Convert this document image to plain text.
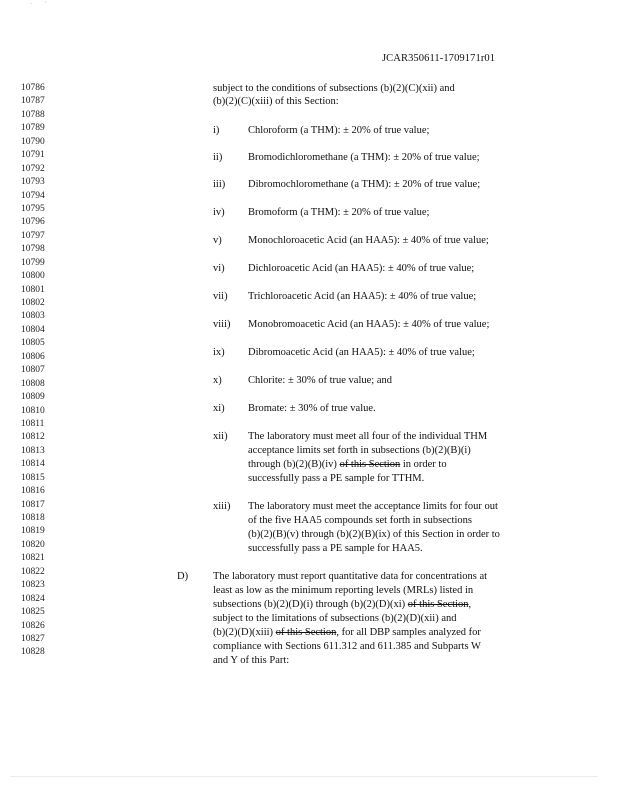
·       '
JCAR350611-1709171r01
10786
10787
10788
10789
10790
10791
10792
10793
10794
10795
10796
10797
10798
10799
10800
10801
10802
10803
10804
10805
10806
10807
10808
10809
10810
10811
10812
10813
10814
10815
10816
10817
10818
10819
10820
10821
10822
10823
10824
10825
10826
10827
10828
subject to the conditions of subsections (b)(2)(C)(xii) and
(b)(2)(C)(xiii) of this Section:
i)	Chloroform (a THM): ± 20% of true value;
ii) Bromodichloromethane (a THM): ± 20% of true value;
iii) Dibromochloromethane (a THM): ± 20% of true value;
iv) Bromoform (a THM): ± 20% of true value;
v)	Monochloroacetic Acid (an HAA5): ± 40% of true value;
vi) Dichloroacetic Acid (an HAA5): ± 40% of true value;
vii) Trichloroacetic Acid (an HAA5): ± 40% of true value;
viii) Monobromoacetic Acid (an HAA5): ± 40% of true value;
ix) Dibromoacetic Acid (an HAA5): ± 40% of true value;
x)	Chlorite: ± 30% of true value; and
xi) Bromate: ± 30% of true value.
xii) The laboratory must meet all four of the individual THM
acceptance limits set forth in subsections (b)(2)(B)(i)
through (b)(2)(B)(iv) of this Section in order to
successfully pass a PE sample for TTHM.
xiii) The laboratory must meet the acceptance limits for four out
of the five HAA5 compounds set forth in subsections
(b)(2)(B)(v) through (b)(2)(B)(ix) of this Section in order to
successfully pass a PE sample for HAA5.
D) The laboratory must report quantitative data for concentrations at
least as low as the minimum reporting levels (MRLs) listed in
subsections (b)(2)(D)(i) through (b)(2)(D)(xi) of this Section,
subject to the limitations of subsections (b)(2)(D)(xii) and
(b)(2)(D)(xiii) of this Section, for all DBP samples analyzed for
compliance with Sections 611.312 and 611.385 and Subparts W
and Y of this Part:
